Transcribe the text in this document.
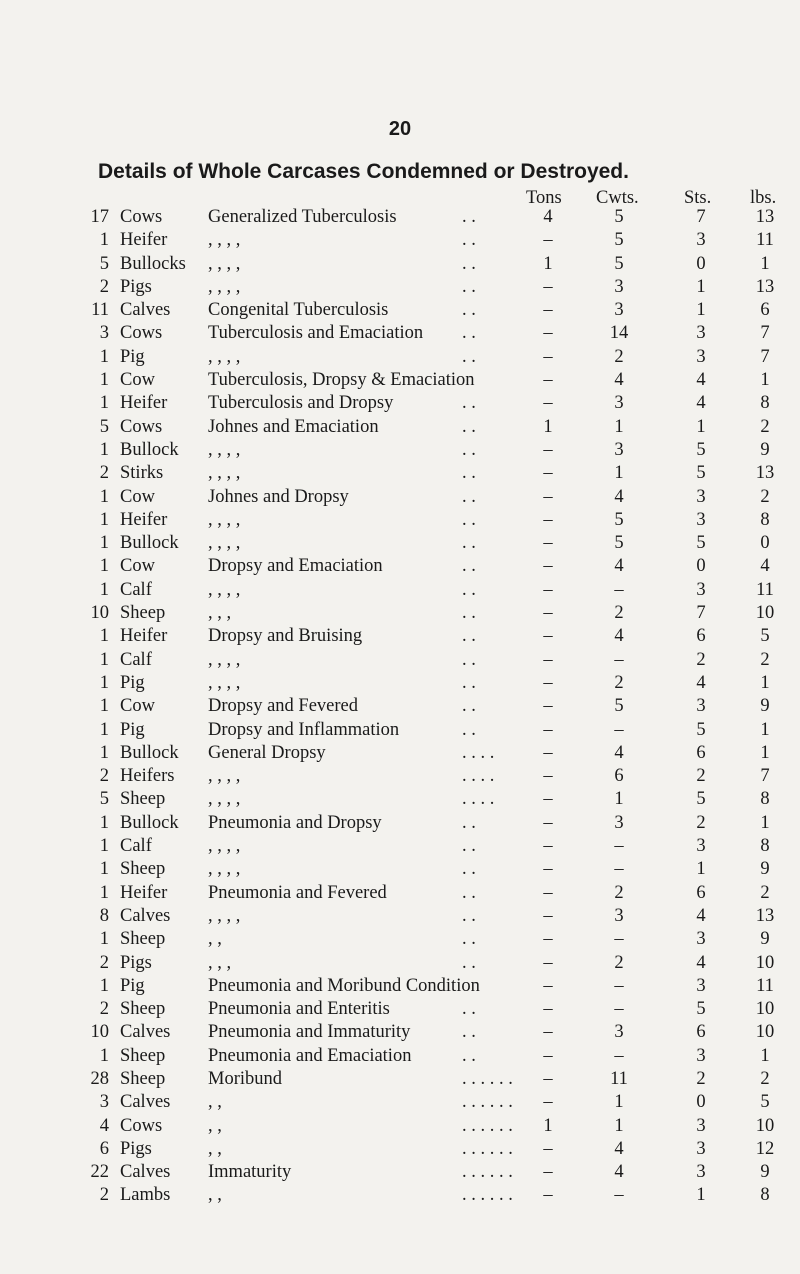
20
Details of Whole Carcases Condemned or Destroyed.
Tons Cwts. Sts. lbs.
17 Cows Generalized Tuberculosis	. .	4	5	7	13
1 Heifer , , , ,	. .	–	5	3	11
5 Bullocks , , , ,	. .	1	5	0	1
2 Pigs	, , , ,	. .	–	3	1	13
11 Calves Congenital Tuberculosis	. .	–	3	1	6
3 Cows Tuberculosis and Emaciation . .	–	14	3	7
1 Pig	, , , ,	. .	–	2	3	7
1 Cow	Tuberculosis, Dropsy & Emaciation	–	4	4	1
1 Heifer Tuberculosis and Dropsy	. .	–	3	4	8
5 Cows Johnes and Emaciation	. .	1	1	1	2
1 Bullock , , , ,	. .	–	3	5	9
2 Stirks , , , ,	. .	–	1	5	13
1 Cow	Johnes and Dropsy	. .	–	4	3	2
1 Heifer , , , ,	. .	–	5	3	8
1 Bullock , , , ,	. .	–	5	5	0
1 Cow	Dropsy and Emaciation	. .	–	4	0	4
1 Calf	, , , ,	. .	–	–	3	11
10 Sheep , , ,	. .	–	2	7	10
1 Heifer Dropsy and Bruising	. .	–	4	6	5
1 Calf	, , , ,	. .	–	–	2	2
1 Pig	, , , ,	. .	–	2	4	1
1 Cow	Dropsy and Fevered	. .	–	5	3	9
1 Pig	Dropsy and Inflammation	. .	–	–	5	1
1 Bullock General Dropsy	. . . .	–	4	6	1
2 Heifers , , , ,	. . . .	–	6	2	7
5 Sheep , , , ,	. . . .	–	1	5	8
1 Bullock Pneumonia and Dropsy	. .	–	3	2	1
1 Calf	, , , ,	. .	–	–	3	8
1 Sheep , , , ,	. .	–	–	1	9
1 Heifer Pneumonia and Fevered	. .	–	2	6	2
8 Calves , , , ,	. .	–	3	4	13
1 Sheep , ,	. .	–	–	3	9
2 Pigs	, , ,	. .	–	2	4	10
1 Pig	Pneumonia and Moribund Condition	–	–	3	11
2 Sheep Pneumonia and Enteritis	. .	–	–	5	10
10 Calves Pneumonia and Immaturity	. .	–	3	6	10
1 Sheep Pneumonia and Emaciation	. .	–	–	3	1
28 Sheep Moribund	. . . . . .	–	11	2	2
3 Calves , ,	. . . . . .	–	1	0	5
4 Cows , ,	. . . . . .	1	1	3	10
6 Pigs	, ,	. . . . . .	–	4	3	12
22 Calves Immaturity	. . . . . .	–	4	3	9
2 Lambs , ,	. . . . . .	–	–	1	8
